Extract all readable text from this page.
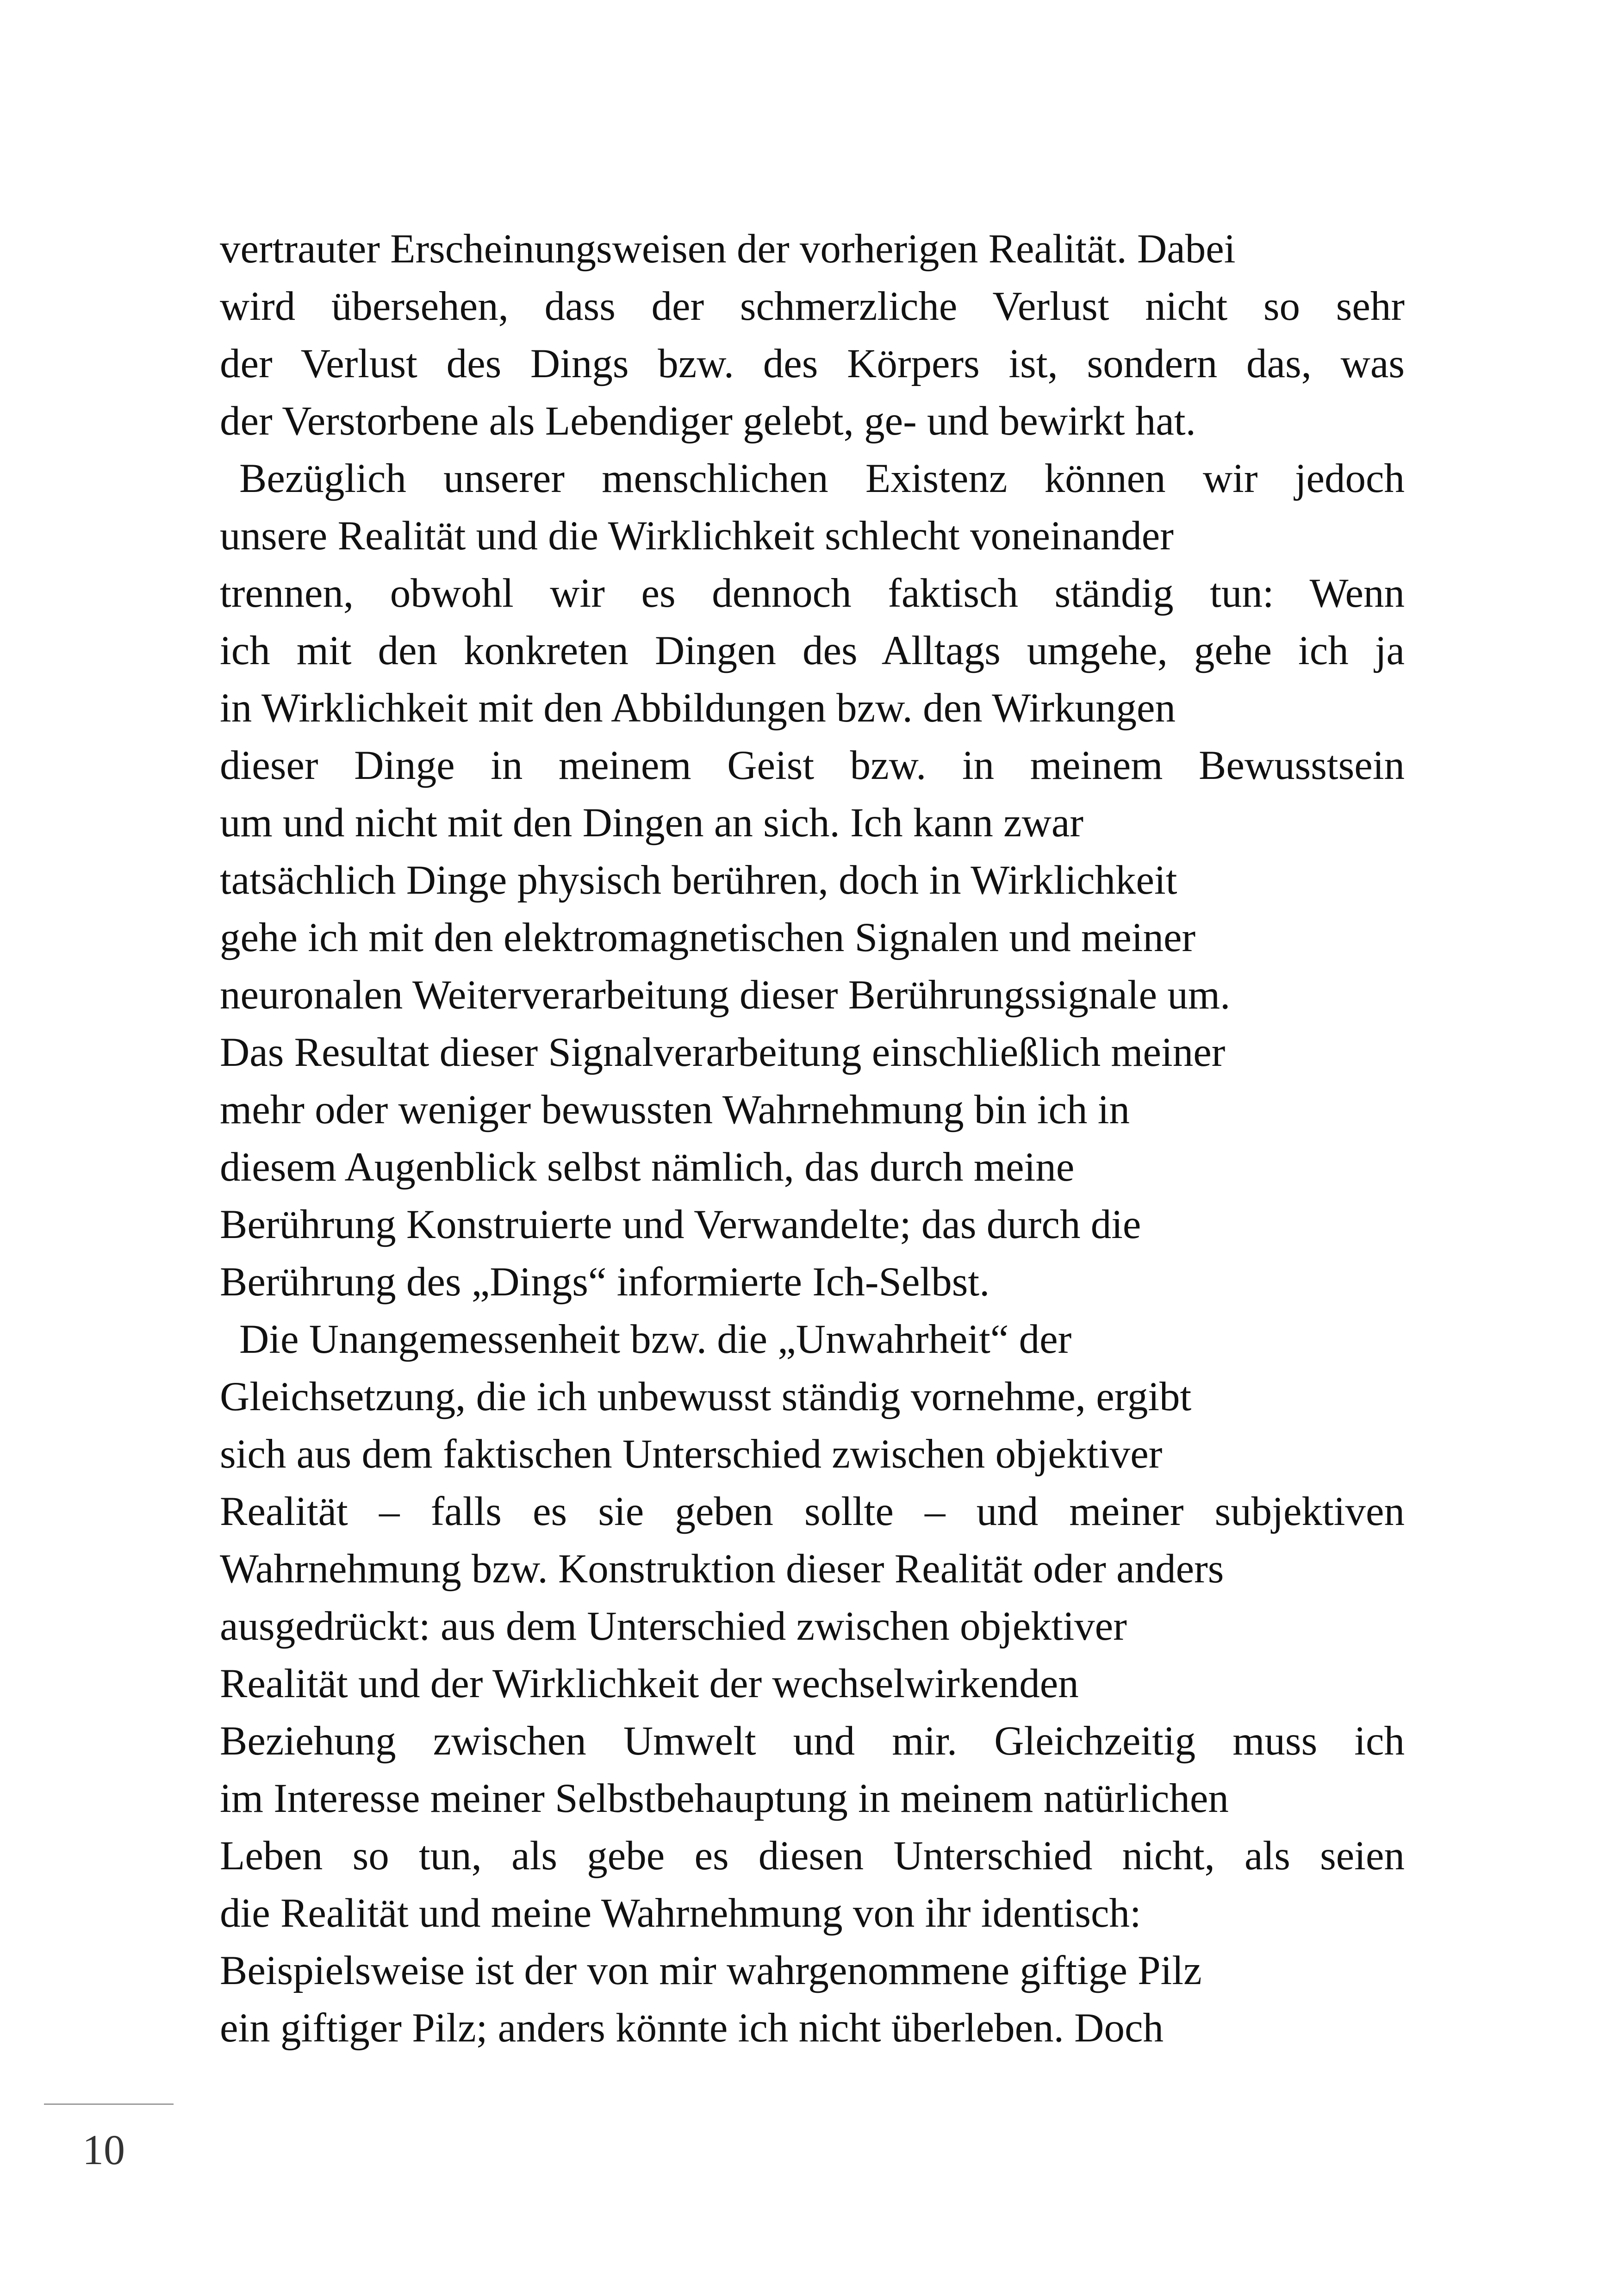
vertrauter Erscheinungsweisen der vorherigen Realität. Dabei
wird übersehen, dass der schmerzliche Verlust nicht so sehr
der Verlust des Dings bzw. des Körpers ist, sondern das, was
der Verstorbene als Lebendiger gelebt, ge- und bewirkt hat.
Bezüglich unserer menschlichen Existenz können wir jedoch
unsere Realität und die Wirklichkeit schlecht voneinander
trennen, obwohl wir es dennoch faktisch ständig tun: Wenn
ich mit den konkreten Dingen des Alltags umgehe, gehe ich ja
in Wirklichkeit mit den Abbildungen bzw. den Wirkungen
dieser Dinge in meinem Geist bzw. in meinem Bewusstsein
um und nicht mit den Dingen an sich. Ich kann zwar
tatsächlich Dinge physisch berühren, doch in Wirklichkeit
gehe ich mit den elektromagnetischen Signalen und meiner
neuronalen Weiterverarbeitung dieser Berührungssignale um.
Das Resultat dieser Signalverarbeitung einschließlich meiner
mehr oder weniger bewussten Wahrnehmung bin ich in
diesem Augenblick selbst nämlich, das durch meine
Berührung Konstruierte und Verwandelte; das durch die
Berührung des „Dings“ informierte Ich-Selbst.
Die Unangemessenheit bzw. die „Unwahrheit“ der
Gleichsetzung, die ich unbewusst ständig vornehme, ergibt
sich aus dem faktischen Unterschied zwischen objektiver
Realität – falls es sie geben sollte – und meiner subjektiven
Wahrnehmung bzw. Konstruktion dieser Realität oder anders
ausgedrückt: aus dem Unterschied zwischen objektiver
Realität und der Wirklichkeit der wechselwirkenden
Beziehung zwischen Umwelt und mir. Gleichzeitig muss ich
im Interesse meiner Selbstbehauptung in meinem natürlichen
Leben so tun, als gebe es diesen Unterschied nicht, als seien
die Realität und meine Wahrnehmung von ihr identisch:
Beispielsweise ist der von mir wahrgenommene giftige Pilz
ein giftiger Pilz; anders könnte ich nicht überleben. Doch
10
